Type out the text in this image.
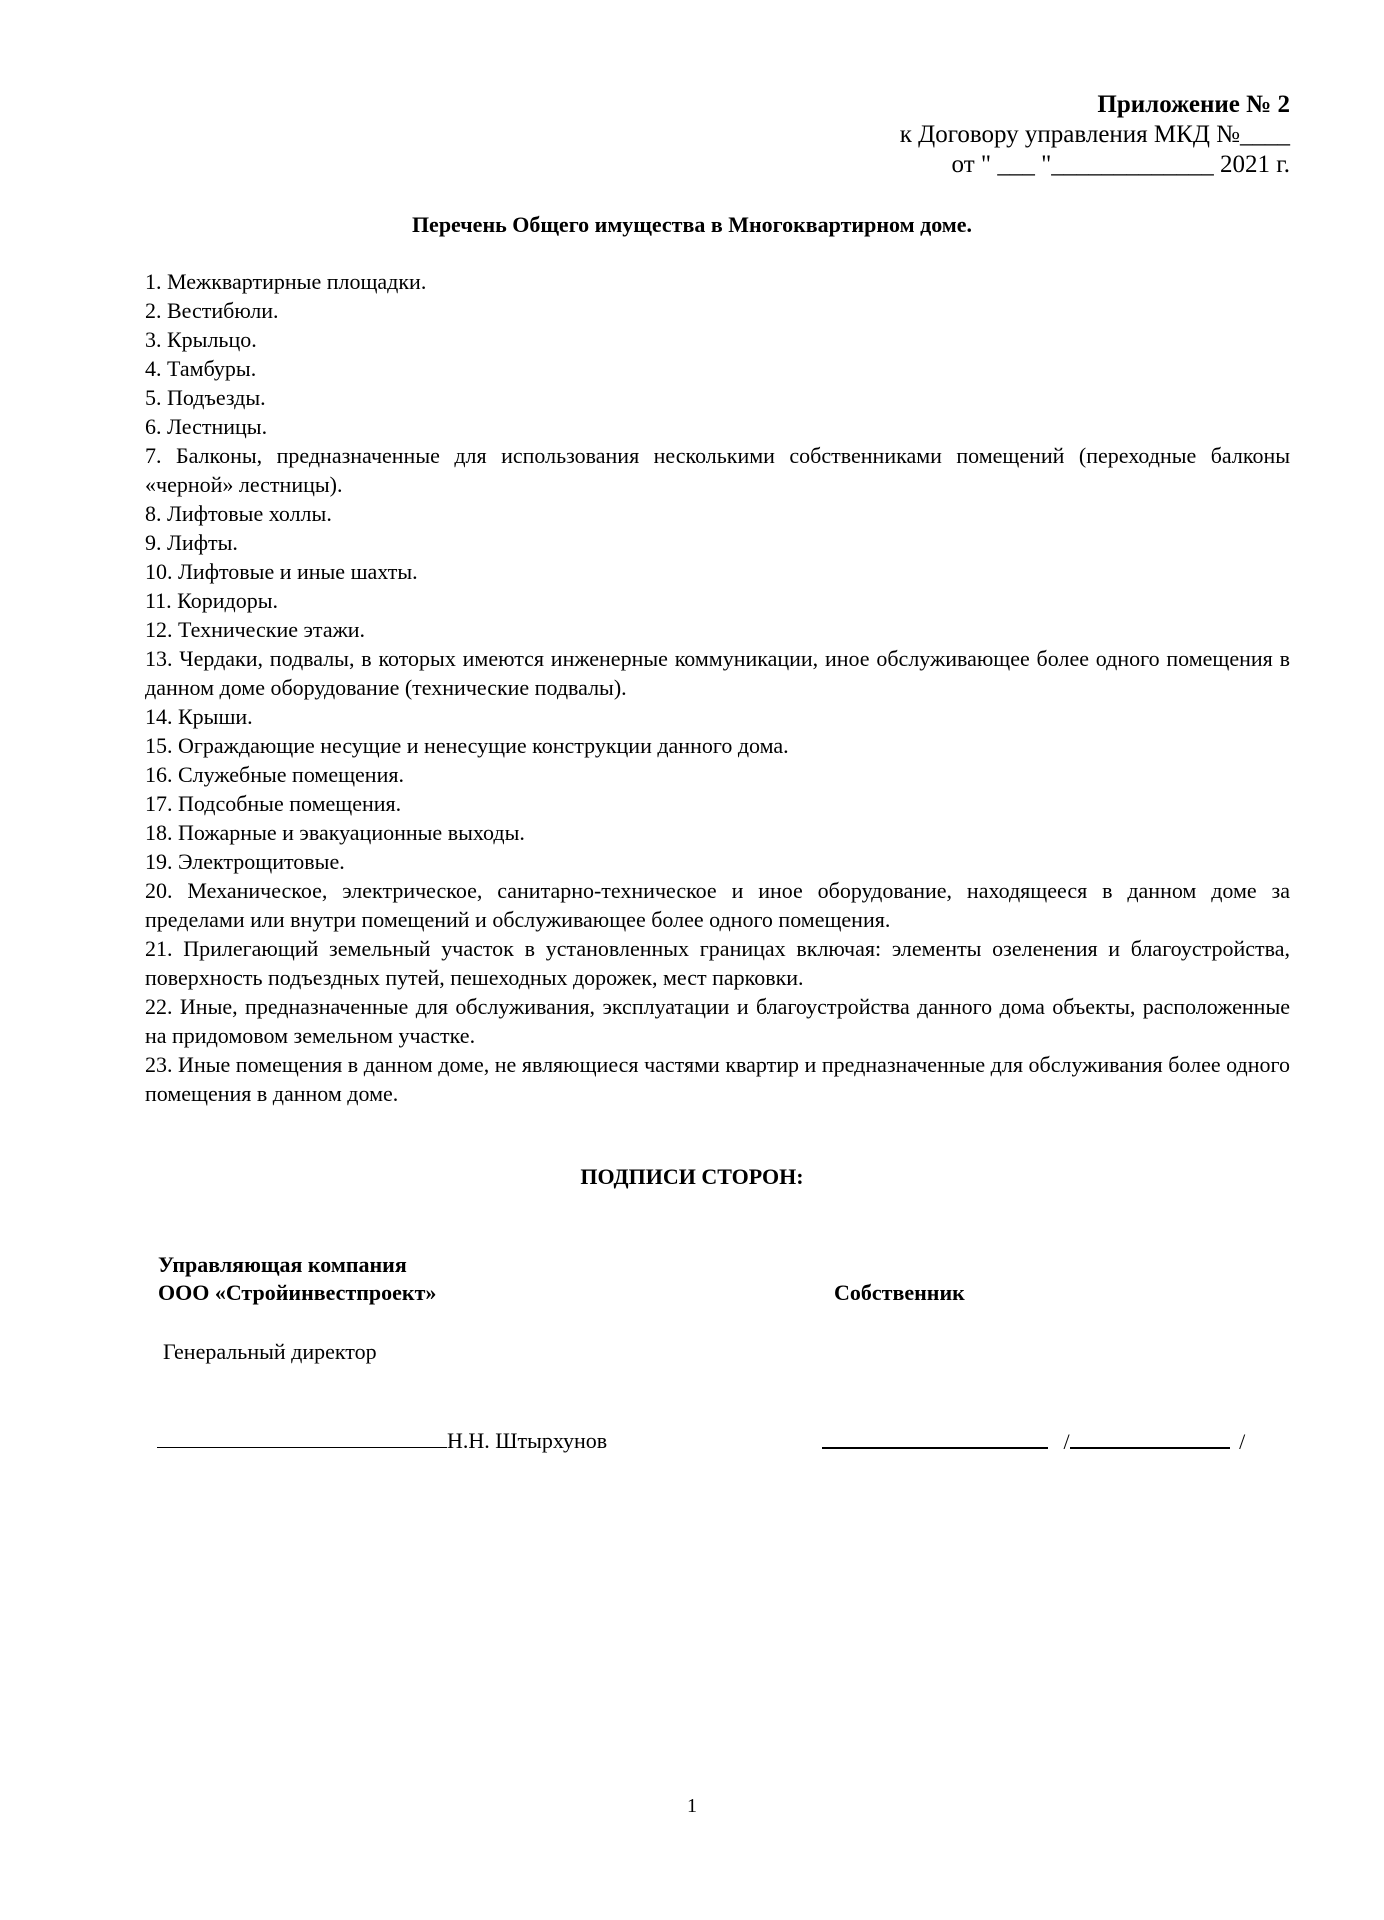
Приложение № 2
к Договору управления МКД №____
от " ___ "_____________ 2021 г.
Перечень Общего имущества в Многоквартирном доме.
1. Межквартирные площадки.
2. Вестибюли.
3. Крыльцо.
4. Тамбуры.
5. Подъезды.
6. Лестницы.
7. Балконы, предназначенные для использования несколькими собственниками помещений (переходные балконы «черной» лестницы).
8. Лифтовые холлы.
9. Лифты.
10. Лифтовые и иные шахты.
11. Коридоры.
12. Технические этажи.
13. Чердаки, подвалы, в которых имеются инженерные коммуникации, иное обслуживающее более одного помещения в данном доме оборудование (технические подвалы).
14. Крыши.
15. Ограждающие несущие и ненесущие конструкции данного дома.
16. Служебные помещения.
17. Подсобные помещения.
18. Пожарные и эвакуационные выходы.
19. Электрощитовые.
20. Механическое, электрическое, санитарно-техническое и иное оборудование, находящееся в данном доме за пределами или внутри помещений и обслуживающее более одного помещения.
21. Прилегающий земельный участок в установленных границах включая: элементы озеленения и благоустройства, поверхность подъездных путей, пешеходных дорожек, мест парковки.
22. Иные, предназначенные для обслуживания, эксплуатации и благоустройства данного дома объекты, расположенные на придомовом земельном участке.
23. Иные помещения в данном доме, не являющиеся частями квартир и предназначенные для обслуживания более одного помещения в данном доме.
ПОДПИСИ СТОРОН:
Управляющая компания
ООО «Стройинвестпроект»	Собственник
Генеральный директор
Н.Н. Штырхунов	/	/
1
